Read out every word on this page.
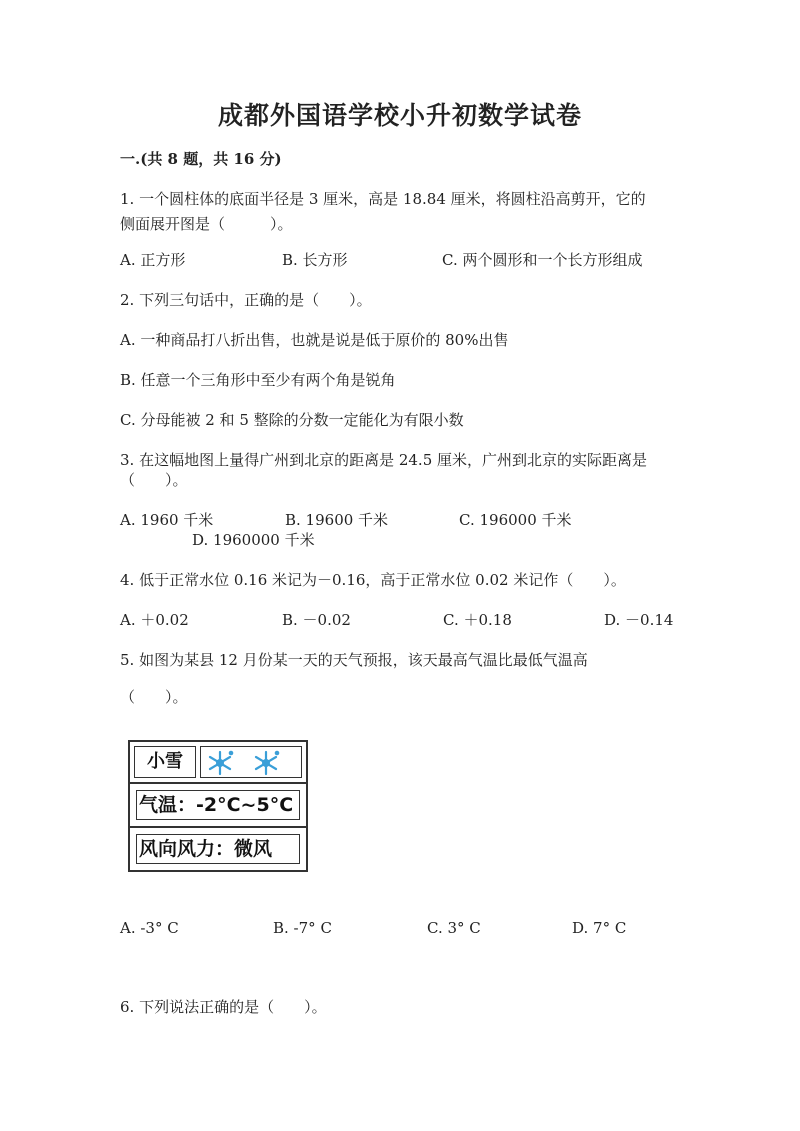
成都外国语学校小升初数学试卷
一.(共 8 题，共 16 分)
1. 一个圆柱体的底面半径是 3 厘米，高是 18.84 厘米，将圆柱沿高剪开，它的
侧面展开图是（　　　）。
A. 正方形	B. 长方形	C. 两个圆形和一个长方形组成
2. 下列三句话中，正确的是（　　）。
A. 一种商品打八折出售，也就是说是低于原价的 80%出售
B. 任意一个三角形中至少有两个角是锐角
C. 分母能被 2 和 5 整除的分数一定能化为有限小数
3. 在这幅地图上量得广州到北京的距离是 24.5 厘米，广州到北京的实际距离是
（　　）。
A. 1960 千米	B. 19600 千米	C. 196000 千米
D. 1960000 千米
4. 低于正常水位 0.16 米记为－0.16，高于正常水位 0.02 米记作（　　）。
A. ＋0.02	B. －0.02	C. ＋0.18	D. －0.14
5. 如图为某县 12 月份某一天的天气预报，该天最高气温比最低气温高
（　　）。
小雪
气温：-2°C~5°C
风向风力：微风
A. -3° C	B. -7° C	C. 3° C	D. 7° C
6. 下列说法正确的是（　　）。
